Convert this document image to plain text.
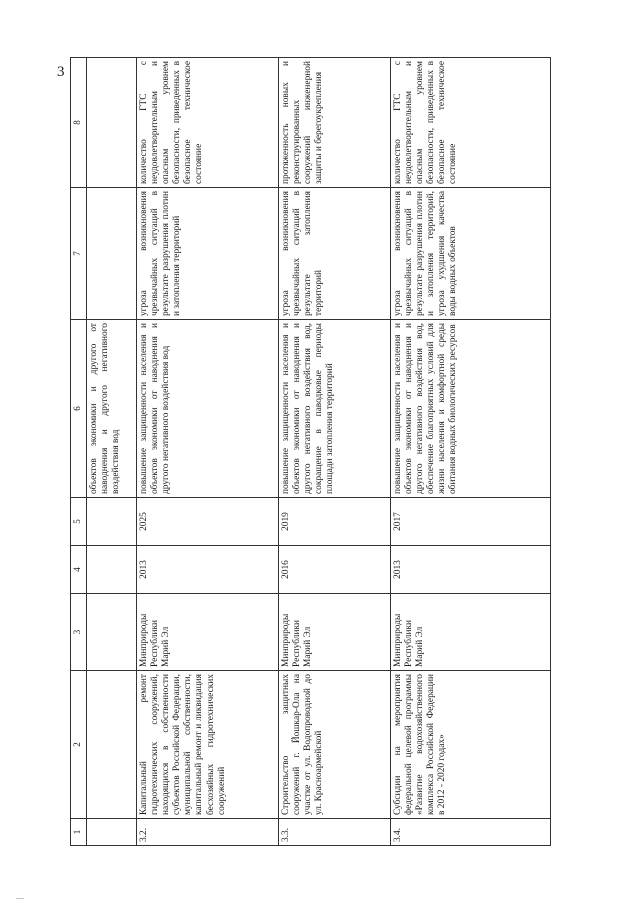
3
1	2	3	4	5	6	7	8
					объектов экономики и другого от наводнения и другого негативного воздействия вод		
3.2.	Капитальный ремонт гидротехнических сооружений, находящихся в собственности субъектов Российской Федерации, муниципальной собственности, капитальный ремонт и ликвидация бесхозяйных гидротехнических сооружений	Минприроды Республики Марий Эл	2013	2025	повышение защищенности населения и объектов экономики от наводнения и другого негативного воздействия вод	угроза возникновения чрезвычайных ситуаций в результате разрушения плотин и затопления территорий	количество ГТС с неудовлетворительным и опасным уровнем безопасности, приведенных в безопасное техническое состояние
3.3.	Строительство защитных сооружений г. Йошкар-Ола на участке от ул. Водопроводной до ул. Красноармейской	Минприроды Республики Марий Эл	2016	2019	повышение защищенности населения и объектов экономики от наводнения и другого негативного воздействия вод, сокращение в паводковые периоды площади затопления территорий	угроза возникновения чрезвычайных ситуаций в результате затопления территорий	протяженность новых и реконструированных сооружений инженерной защиты и берегоукрепления
3.4.	Субсидии на мероприятия федеральной целевой программы «Развитие водохозяйственного комплекса Российской Федерации в 2012 - 2020 годах»	Минприроды Республики Марий Эл	2013	2017	повышение защищенности населения и объектов экономики от наводнения и другого негативного воздействия вод, обеспечение благоприятных условий для жизни населения и комфортной среды обитания водных биологических ресурсов	угроза возникновения чрезвычайных ситуаций в результате разрушения плотин и затопления территорий, угроза ухудшения качества воды водных объектов	количество ГТС с неудовлетворительным и опасным уровнем безопасности, приведенных в безопасное техническое состояние
—
